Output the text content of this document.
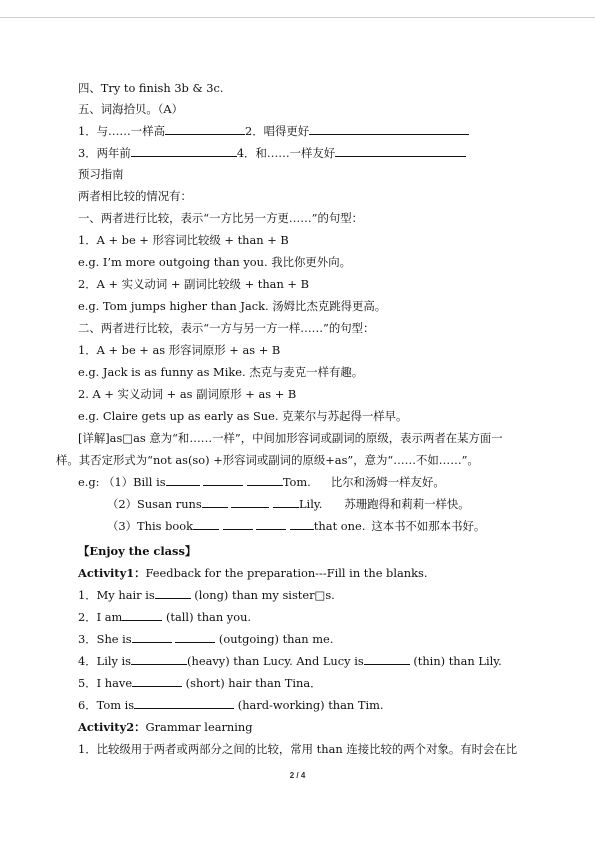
四、Try to finish 3b & 3c.
五、词海拾贝。（A）
1．与……一样高	2．唱得更好
3．两年前	4．和……一样友好
预习指南
两者相比较的情况有：
一、两者进行比较，表示“一方比另一方更……”的句型：
1．A + be + 形容词比较级 + than + B
e.g. I’m more outgoing than you. 我比你更外向。
2．A + 实义动词 + 副词比较级 + than + B
e.g. Tom jumps higher than Jack. 汤姆比杰克跳得更高。
二、两者进行比较，表示“一方与另一方一样……”的句型：
1．A + be + as 形容词原形 + as + B
e.g. Jack is as funny as Mike. 杰克与麦克一样有趣。
2. A + 实义动词 + as 副词原形 + as + B
e.g. Claire gets up as early as Sue. 克莱尔与苏起得一样早。
[详解]as□as 意为“和……一样”，中间加形容词或副词的原级，表示两者在某方面一
样。其否定形式为“not as(so) +形容词或副词的原级+as”，意为“……不如……”。
e.g: （1）Bill is	Tom. 比尔和汤姆一样友好。
（2）Susan runs	Lily. 苏珊跑得和莉莉一样快。
（3）This book	that one. 这本书不如那本书好。
【Enjoy the class】
Activity1：Feedback for the preparation---Fill in the blanks.
1．My hair is	(long) than my sister□s.
2．I am	(tall) than you.
3．She is	(outgoing) than me.
4．Lily is	(heavy) than Lucy. And Lucy is	(thin) than Lily.
5．I have	(short) hair than Tina．
6．Tom is	(hard-working) than Tim.
Activity2：Grammar learning
1．比较级用于两者或两部分之间的比较，常用 than 连接比较的两个对象。有时会在比
2 / 4
